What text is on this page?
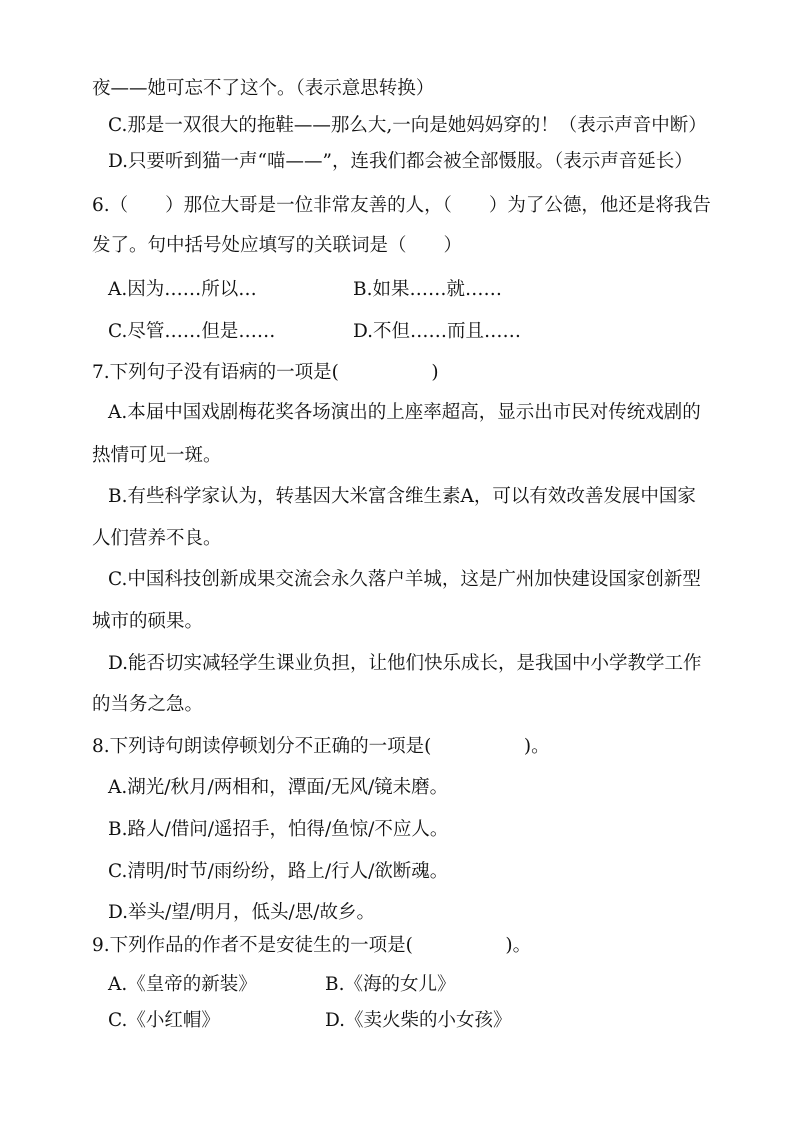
夜——她可忘不了这个。（表示意思转换）
C.那是一双很大的拖鞋——那么大,一向是她妈妈穿的！（表示声音中断）
D.只要听到猫一声“喵——”，连我们都会被全部慑服。（表示声音延长）
6.（　　）那位大哥是一位非常友善的人，（　　）为了公德，他还是将我告
发了。句中括号处应填写的关联词是（　　）
A.因为……所以…	B.如果……就……
C.尽管……但是……	D.不但……而且……
7.下列句子没有语病的一项是(　　　　　)
A.本届中国戏剧梅花奖各场演出的上座率超高，显示出市民对传统戏剧的
热情可见一斑。
B.有些科学家认为，转基因大米富含维生素A，可以有效改善发展中国家
人们营养不良。
C.中国科技创新成果交流会永久落户羊城，这是广州加快建设国家创新型
城市的硕果。
D.能否切实减轻学生课业负担，让他们快乐成长，是我国中小学教学工作
的当务之急。
8.下列诗句朗读停顿划分不正确的一项是(　　　　　)。
A.湖光/秋月/两相和，潭面/无风/镜未磨。
B.路人/借问/遥招手，怕得/鱼惊/不应人。
C.清明/时节/雨纷纷，路上/行人/欲断魂。
D.举头/望/明月，低头/思/故乡。
9.下列作品的作者不是安徒生的一项是(　　　　　)。
A.《皇帝的新装》	B.《海的女儿》
C.《小红帽》	D.《卖火柴的小女孩》
